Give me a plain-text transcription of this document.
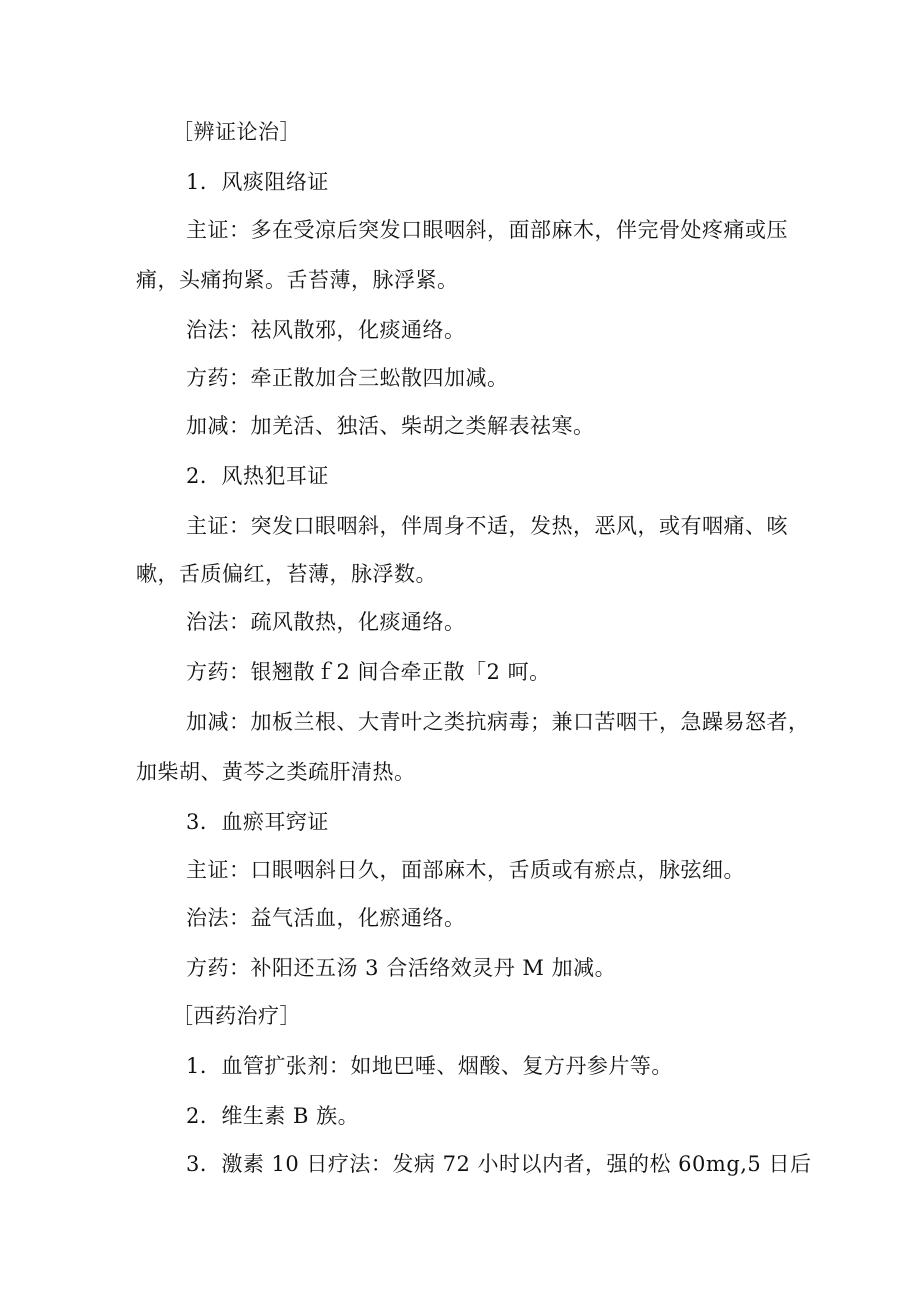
［辨证论治］
1．风痰阻络证
主证：多在受凉后突发口眼咽斜，面部麻木，伴完骨处疼痛或压
痛，头痛拘紧。舌苔薄，脉浮紧。
治法：祛风散邪，化痰通络。
方药：牵正散加合三蚣散四加减。
加减：加羌活、独活、柴胡之类解表祛寒。
2．风热犯耳证
主证：突发口眼咽斜，伴周身不适，发热，恶风，或有咽痛、咳
嗽，舌质偏红，苔薄，脉浮数。
治法：疏风散热，化痰通络。
方药：银翘散ｆ2 间合牵正散「2 呵。
加减：加板兰根、大青叶之类抗病毒；兼口苦咽干，急躁易怒者，
加柴胡、黄芩之类疏肝清热。
3．血瘀耳窍证
主证：口眼咽斜日久，面部麻木，舌质或有瘀点，脉弦细。
治法：益气活血，化瘀通络。
方药：补阳还五汤 3 合活络效灵丹 M 加减。
［西药治疗］
1．血管扩张剂：如地巴唾、烟酸、复方丹参片等。
2．维生素 B 族。
3．激素 10 日疗法：发病 72 小时以内者，强的松 60mg,5 日后
